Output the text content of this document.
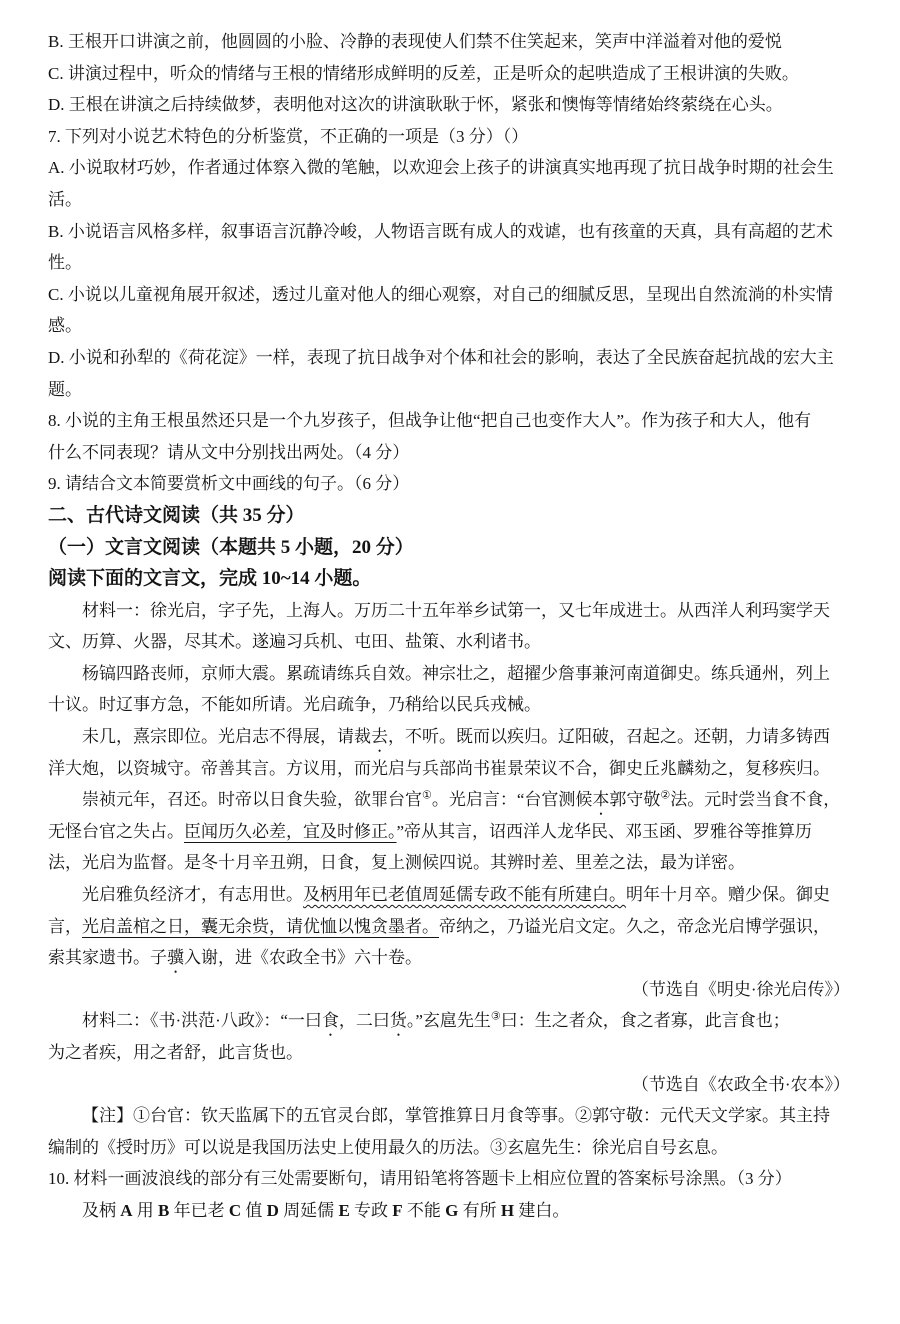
B. 王根开口讲演之前，他圆圆的小脸、冷静的表现使人们禁不住笑起来，笑声中洋溢着对他的爱悦
C. 讲演过程中，听众的情绪与王根的情绪形成鲜明的反差，正是听众的起哄造成了王根讲演的失败。
D. 王根在讲演之后持续做梦，表明他对这次的讲演耿耿于怀，紧张和懊悔等情绪始终萦绕在心头。
7. 下列对小说艺术特色的分析鉴赏，不正确的一项是（3 分）（）
A. 小说取材巧妙，作者通过体察入微的笔触，以欢迎会上孩子的讲演真实地再现了抗日战争时期的社会生
活。
B. 小说语言风格多样，叙事语言沉静冷峻，人物语言既有成人的戏谑，也有孩童的天真，具有高超的艺术
性。
C. 小说以儿童视角展开叙述，透过儿童对他人的细心观察，对自己的细腻反思，呈现出自然流淌的朴实情
感。
D. 小说和孙犁的《荷花淀》一样，表现了抗日战争对个体和社会的影响，表达了全民族奋起抗战的宏大主
题。
8. 小说的主角王根虽然还只是一个九岁孩子，但战争让他“把自己也变作大人”。作为孩子和大人，他有
什么不同表现？请从文中分别找出两处。（4 分）
9. 请结合文本简要赏析文中画线的句子。（6 分）
二、古代诗文阅读（共 35 分）
（一）文言文阅读（本题共 5 小题，20 分）
阅读下面的文言文，完成 10~14 小题。
材料一：徐光启，字子先，上海人。万历二十五年举乡试第一，又七年成进士。从西洋人利玛窦学天
文、历算、火器，尽其术。遂遍习兵机、屯田、盐策、水利诸书。
杨镐四路丧师，京师大震。累疏请练兵自效。神宗壮之，超擢少詹事兼河南道御史。练兵通州，列上
十议。时辽事方急，不能如所请。光启疏争，乃稍给以民兵戎械。
未几，熹宗即位。光启志不得展，请裁去，不听。既而以疾归。辽阳破，召起之。还朝，力请多铸西
洋大炮，以资城守。帝善其言。方议用，而光启与兵部尚书崔景荣议不合，御史丘兆麟劾之，复移疾归。
崇祯元年，召还。时帝以日食失验，欲罪台官①。光启言：“台官测候本郭守敬②法。元时尝当食不食，
无怪台官之失占。臣闻历久必差，宜及时修正。”帝从其言，诏西洋人龙华民、邓玉函、罗雅谷等推算历
法，光启为监督。是冬十月辛丑朔，日食，复上测候四说。其辨时差、里差之法，最为详密。
光启雅负经济才，有志用世。及柄用年已老值周延儒专政不能有所建白。明年十月卒。赠少保。御史
言，光启盖棺之日，囊无余赀，请优恤以愧贪墨者。帝纳之，乃谥光启文定。久之，帝念光启博学强识，
索其家遗书。子骥入谢，进《农政全书》六十卷。
（节选自《明史·徐光启传》）
材料二：《书·洪范·八政》：“一曰食，二曰货。”玄扈先生③曰：生之者众，食之者寡，此言食也；
为之者疾，用之者舒，此言货也。
（节选自《农政全书·农本》）
【注】①台官：钦天监属下的五官灵台郎，掌管推算日月食等事。②郭守敬：元代天文学家。其主持
编制的《授时历》可以说是我国历法史上使用最久的历法。③玄扈先生：徐光启自号玄息。
10. 材料一画波浪线的部分有三处需要断句，请用铅笔将答题卡上相应位置的答案标号涂黑。（3 分）
及柄 A 用 B 年已老 C 值 D 周延儒 E 专政 F 不能 G 有所 H 建白。
